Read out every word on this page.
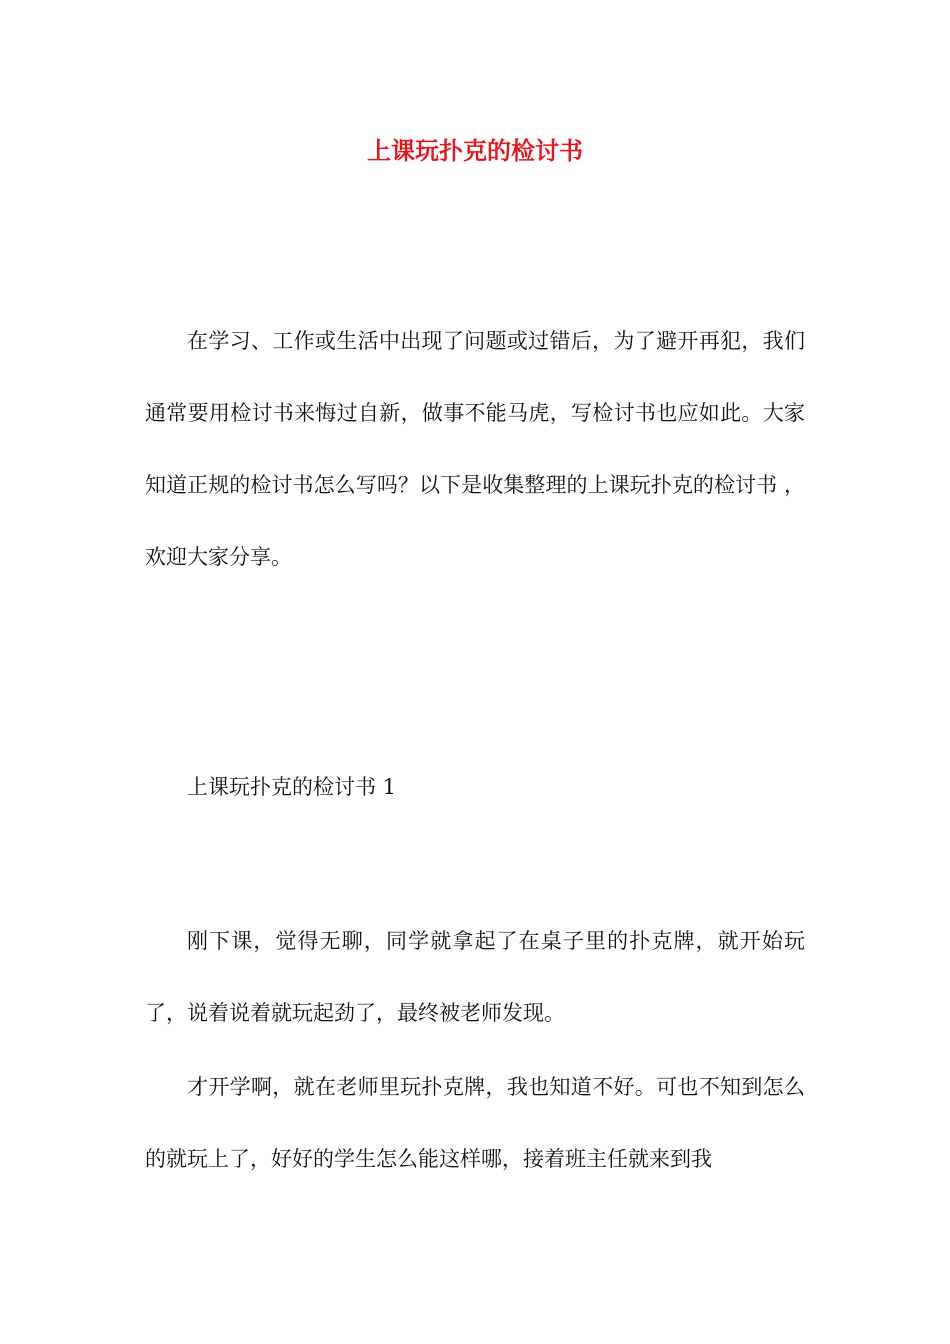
上课玩扑克的检讨书

在学习、工作或生活中出现了问题或过错后，为了避开再犯，我们通常要用检讨书来悔过自新，做事不能马虎，写检讨书也应如此。大家知道正规的检讨书怎么写吗？以下是收集整理的上课玩扑克的检讨书 ，欢迎大家分享。

上课玩扑克的检讨书 1

刚下课，觉得无聊，同学就拿起了在桌子里的扑克牌，就开始玩了，说着说着就玩起劲了，最终被老师发现。

才开学啊，就在老师里玩扑克牌，我也知道不好。可也不知到怎么的就玩上了，好好的学生怎么能这样哪，接着班主任就来到我
